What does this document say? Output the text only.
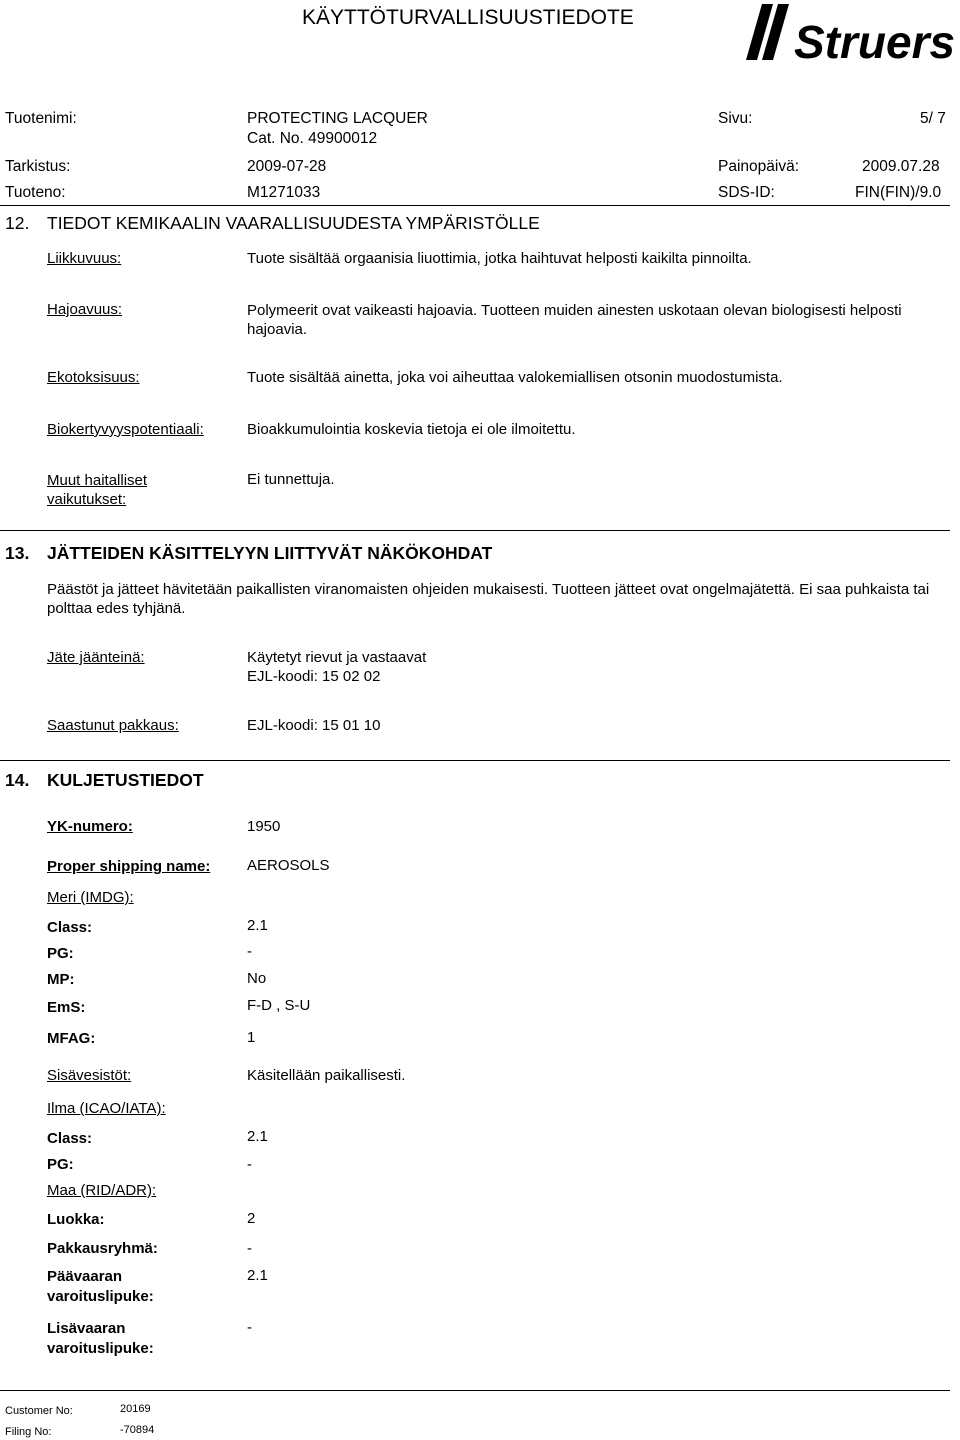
KÄYTTÖTURVALLISUUSTIEDOTE	Struers
Tuotenimi:	PROTECTING LACQUER
Cat. No. 49900012
Sivu:	5/ 7
Tarkistus:	2009-07-28	Painopäivä:	2009.07.28
Tuoteno:	M1271033	SDS-ID:	FIN(FIN)/9.0
12. TIEDOT KEMIKAALIN VAARALLISUUDESTA YMPÄRISTÖLLE
Liikkuvuus:	Tuote sisältää orgaanisia liuottimia, jotka haihtuvat helposti kaikilta pinnoilta.
Hajoavuus:	Polymeerit ovat vaikeasti hajoavia. Tuotteen muiden ainesten uskotaan olevan biologisesti helposti hajoavia.
Ekotoksisuus:	Tuote sisältää ainetta, joka voi aiheuttaa valokemiallisen otsonin muodostumista.
Biokertyvyyspotentiaali:	Bioakkumulointia koskevia tietoja ei ole ilmoitettu.
Muut haitalliset vaikutukset:
Ei tunnettuja.
13. JÄTTEIDEN KÄSITTELYYN LIITTYVÄT NÄKÖKOHDAT
Päästöt ja jätteet hävitetään paikallisten viranomaisten ohjeiden mukaisesti. Tuotteen jätteet ovat ongelmajätettä. Ei saa puhkaista tai polttaa edes tyhjänä.
Jäte jäänteinä:	Käytetyt rievut ja vastaavat
EJL-koodi: 15 02 02
Saastunut pakkaus:	EJL-koodi: 15 01 10
14. KULJETUSTIEDOT
YK-numero:	1950
Proper shipping name: AEROSOLS
Meri (IMDG):
Class:	2.1
PG:	-
MP:	No
EmS:	F-D , S-U
MFAG:	1
Sisävesistöt:	Käsitellään paikallisesti.
Ilma (ICAO/IATA):
Class:	2.1
PG:	-
Maa (RID/ADR):
Luokka:	2
Pakkausryhmä:	-
Päävaaran
varoituslipuke:
2.1
Lisävaaran
varoituslipuke:
-
Customer No:	20169
Filing No:	-70894
